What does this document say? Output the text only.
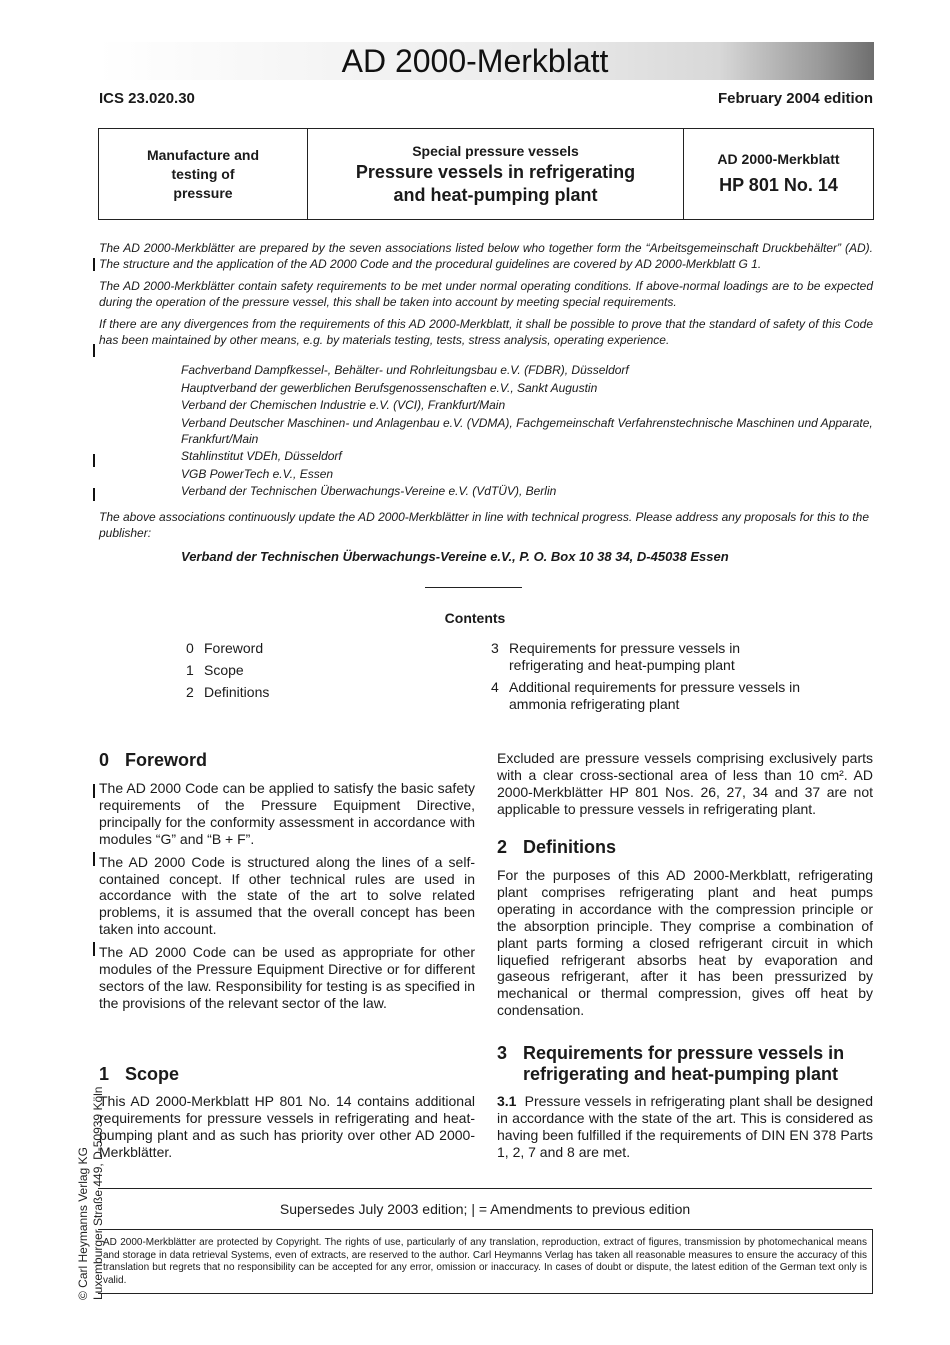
AD 2000-Merkblatt
ICS 23.020.30	February 2004 edition
Manufacture and
testing of
pressure
Special pressure vessels
Pressure vessels in refrigerating
and heat-pumping plant
AD 2000-Merkblatt
HP 801 No. 14

The AD 2000-Merkblätter are prepared by the seven associations listed below who together form the “Arbeitsgemeinschaft Druckbehälter” (AD). The structure and the application of the AD 2000 Code and the procedural guidelines are covered by AD 2000-Merkblatt G 1.

The AD 2000-Merkblätter contain safety requirements to be met under normal operating conditions. If above-normal loadings are to be expected during the operation of the pressure vessel, this shall be taken into account by meeting special requirements.

If there are any divergences from the requirements of this AD 2000-Merkblatt, it shall be possible to prove that the standard of safety of this Code has been maintained by other means, e.g. by materials testing, tests, stress analysis, operating experience.

Fachverband Dampfkessel-, Behälter- und Rohrleitungsbau e.V. (FDBR), Düsseldorf
Hauptverband der gewerblichen Berufsgenossenschaften e.V., Sankt Augustin
Verband der Chemischen Industrie e.V. (VCI), Frankfurt/Main
Verband Deutscher Maschinen- und Anlagenbau e.V. (VDMA), Fachgemeinschaft Verfahrenstechnische Maschinen und Apparate, Frankfurt/Main
Stahlinstitut VDEh, Düsseldorf
VGB PowerTech e.V., Essen
Verband der Technischen Überwachungs-Vereine e.V. (VdTÜV), Berlin

The above associations continuously update the AD 2000-Merkblätter in line with technical progress. Please address any proposals for this to the publisher:

Verband der Technischen Überwachungs-Vereine e.V., P. O. Box 10 38 34, D-45038 Essen
Contents
0 Foreword
1 Scope
2 Definitions
3 Requirements for pressure vessels in refrigerating and heat-pumping plant
4 Additional requirements for pressure vessels in ammonia refrigerating plant
0 Foreword

The AD 2000 Code can be applied to satisfy the basic safety requirements of the Pressure Equipment Directive, principally for the conformity assessment in accordance with modules “G” and “B + F”.

The AD 2000 Code is structured along the lines of a self-contained concept. If other technical rules are used in accordance with the state of the art to solve related problems, it is assumed that the overall concept has been taken into account.

The AD 2000 Code can be used as appropriate for other modules of the Pressure Equipment Directive or for different sectors of the law. Responsibility for testing is as specified in the provisions of the relevant sector of the law.

1 Scope

This AD 2000-Merkblatt HP 801 No. 14 contains additional requirements for pressure vessels in refrigerating and heat-pumping plant and as such has priority over other AD 2000-Merkblätter.

Excluded are pressure vessels comprising exclusively parts with a clear cross-sectional area of less than 10 cm². AD 2000-Merkblätter HP 801 Nos. 26, 27, 34 and 37 are not applicable to pressure vessels in refrigerating plant.

2 Definitions

For the purposes of this AD 2000-Merkblatt, refrigerating plant comprises refrigerating plant and heat pumps operating in accordance with the compression principle or the absorption principle. They comprise a combination of plant parts forming a closed refrigerant circuit in which liquefied refrigerant absorbs heat by evaporation and gaseous refrigerant, after it has been pressurized by mechanical or thermal compression, gives off heat by condensation.

3 Requirements for pressure vessels in
refrigerating and heat-pumping plant

3.1 Pressure vessels in refrigerating plant shall be designed in accordance with the state of the art. This is considered as having been fulfilled if the requirements of DIN EN 378 Parts 1, 2, 7 and 8 are met.

Supersedes July 2003 edition; | = Amendments to previous edition
AD 2000-Merkblätter are protected by Copyright. The rights of use, particularly of any translation, reproduction, extract of figures, transmission by photomechanical means and storage in data retrieval Systems, even of extracts, are reserved to the author. Carl Heymanns Verlag has taken all reasonable measures to ensure the accuracy of this translation but regrets that no responsibility can be accepted for any error, omission or inaccuracy. In cases of doubt or dispute, the latest edition of the German text only is valid.
© Carl Heymanns Verlag KG Luxemburger Straße 449, D-50939 Köln
